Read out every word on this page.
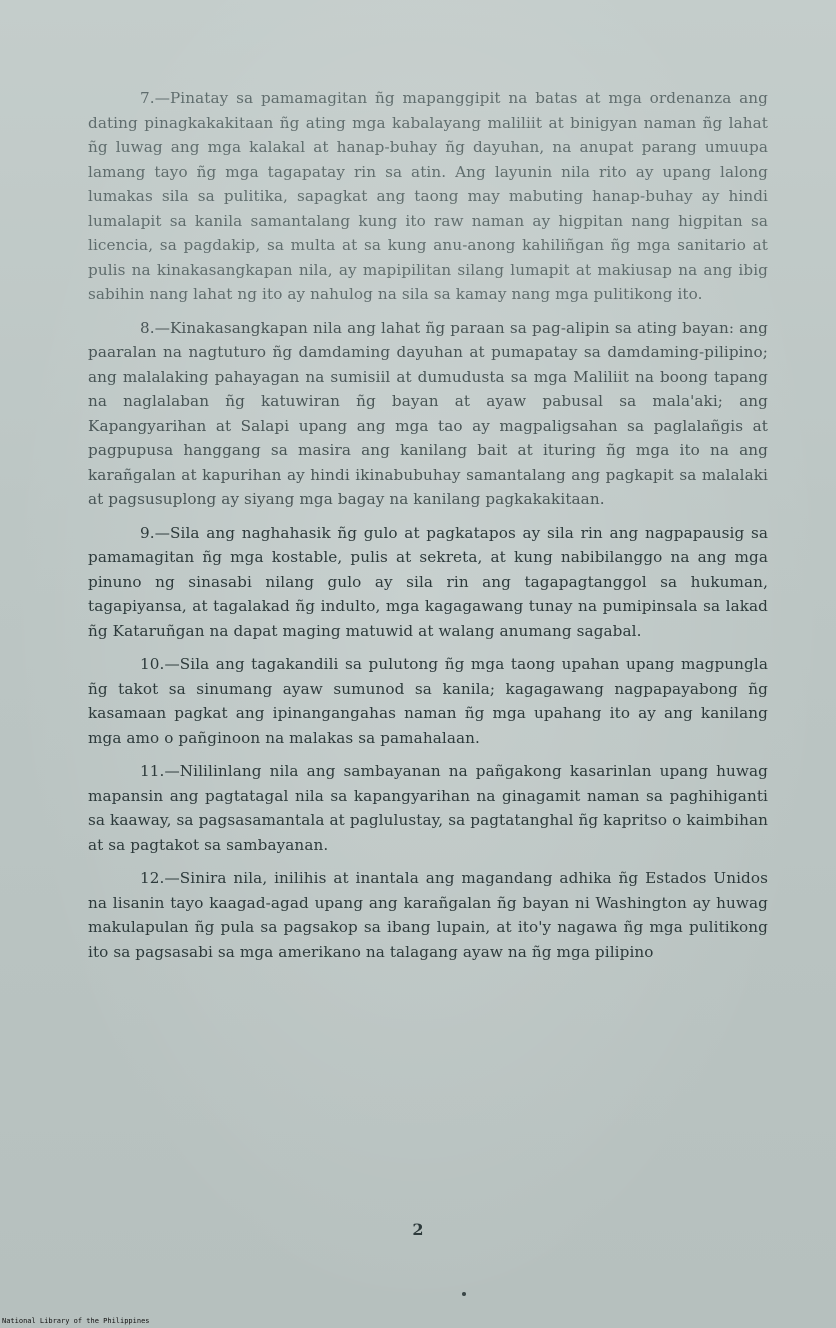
7.—Pinatay sa pamamagitan ñg mapanggipit na batas at mga ordenanza ang dating pinagkakakitaan ñg ating mga kabalayang maliliit at binigyan naman ñg lahat ñg luwag ang mga kalakal at hanap-buhay ñg dayuhan, na anupat parang umuupa lamang tayo ñg mga tagapatay rin sa atin. Ang layunin nila rito ay upang lalong lumakas sila sa pulitika, sapagkat ang taong may mabuting hanap-buhay ay hindi lumalapit sa kanila samantalang kung ito raw naman ay higpitan nang higpitan sa licencia, sa pagdakip, sa multa at sa kung anu-anong kahiliñgan ñg mga sanitario at pulis na kinakasangkapan nila, ay mapipilitan silang lumapit at makiusap na ang ibig sabihin nang lahat ng ito ay nahulog na sila sa kamay nang mga pulitikong ito.

8.—Kinakasangkapan nila ang lahat ñg paraan sa pag-alipin sa ating bayan: ang paaralan na nagtuturo ñg damdaming dayuhan at pumapatay sa damdaming-pilipino; ang malalaking pahayagan na sumisiil at dumudusta sa mga Maliliit na boong tapang na naglalaban ñg katuwiran ñg bayan at ayaw pabusal sa mala'aki; ang Kapangyarihan at Salapi upang ang mga tao ay magpaligsahan sa paglalañgis at pagpupusa hanggang sa masira ang kanilang bait at ituring ñg mga ito na ang karañgalan at kapurihan ay hindi ikinabubuhay samantalang ang pagkapit sa malalaki at pagsusuplong ay siyang mga bagay na kanilang pagkakakitaan.

9.—Sila ang naghahasik ñg gulo at pagkatapos ay sila rin ang nagpapausig sa pamamagitan ñg mga kostable, pulis at sekreta, at kung nabibilanggo na ang mga pinuno ng sinasabi nilang gulo ay sila rin ang tagapagtanggol sa hukuman, tagapiyansa, at tagalakad ñg indulto, mga kagagawang tunay na pumipinsala sa lakad ñg Kataruñgan na dapat maging matuwid at walang anumang sagabal.

10.—Sila ang tagakandili sa pulutong ñg mga taong upahan upang magpungla ñg takot sa sinumang ayaw sumunod sa kanila; kagagawang nagpapayabong ñg kasamaan pagkat ang ipinangangahas naman ñg mga upahang ito ay ang kanilang mga amo o pañginoon na malakas sa pamahalaan.

11.—Nililinlang nila ang sambayanan na pañgakong kasarinlan upang huwag mapansin ang pagtatagal nila sa kapangyarihan na ginagamit naman sa paghihiganti sa kaaway, sa pagsasamantala at paglulustay, sa pagtatanghal ñg kapritso o kaimbihan at sa pagtakot sa sambayanan.

12.—Sinira nila, inilihis at inantala ang magandang adhika ñg Estados Unidos na lisanin tayo kaagad-agad upang ang karañgalan ñg bayan ni Washington ay huwag makulapulan ñg pula sa pagsakop sa ibang lupain, at ito'y nagawa ñg mga pulitikong ito sa pagsasabi sa mga amerikano na talagang ayaw na ñg mga pilipino

2
National Library of the Philippines
